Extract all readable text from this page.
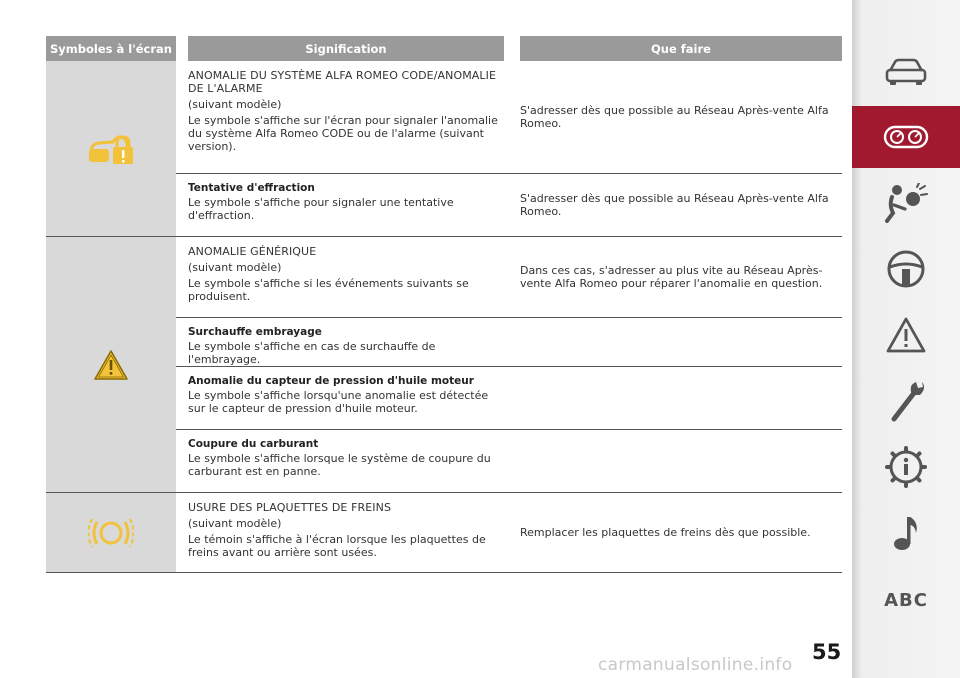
Symboles à l'écran	Signification	Que faire

ANOMALIE DU SYSTÈME ALFA ROMEO CODE/ANOMALIE DE L'ALARME

(suivant modèle)

Le symbole s'affiche sur l'écran pour signaler l'anomalie du système Alfa Romeo CODE ou de l'alarme (suivant version).

S'adresser dès que possible au Réseau Après-vente Alfa Romeo.

Tentative d'effraction

Le symbole s'affiche pour signaler une tentative d'effraction.

S'adresser dès que possible au Réseau Après-vente Alfa Romeo.

ANOMALIE GÉNÉRIQUE

(suivant modèle)

Le symbole s'affiche si les événements suivants se produisent.

Dans ces cas, s'adresser au plus vite au Réseau Après-vente Alfa Romeo pour réparer l'anomalie en question.

Surchauffe embrayage

Le symbole s'affiche en cas de surchauffe de l'embrayage.

Anomalie du capteur de pression d'huile moteur

Le symbole s'affiche lorsqu'une anomalie est détectée sur le capteur de pression d'huile moteur.

Coupure du carburant

Le symbole s'affiche lorsque le système de coupure du carburant est en panne.

USURE DES PLAQUETTES DE FREINS

(suivant modèle)

Le témoin s'affiche à l'écran lorsque les plaquettes de freins avant ou arrière sont usées.

Remplacer les plaquettes de freins dès que possible.

ABC
55
carmanualsonline.info
